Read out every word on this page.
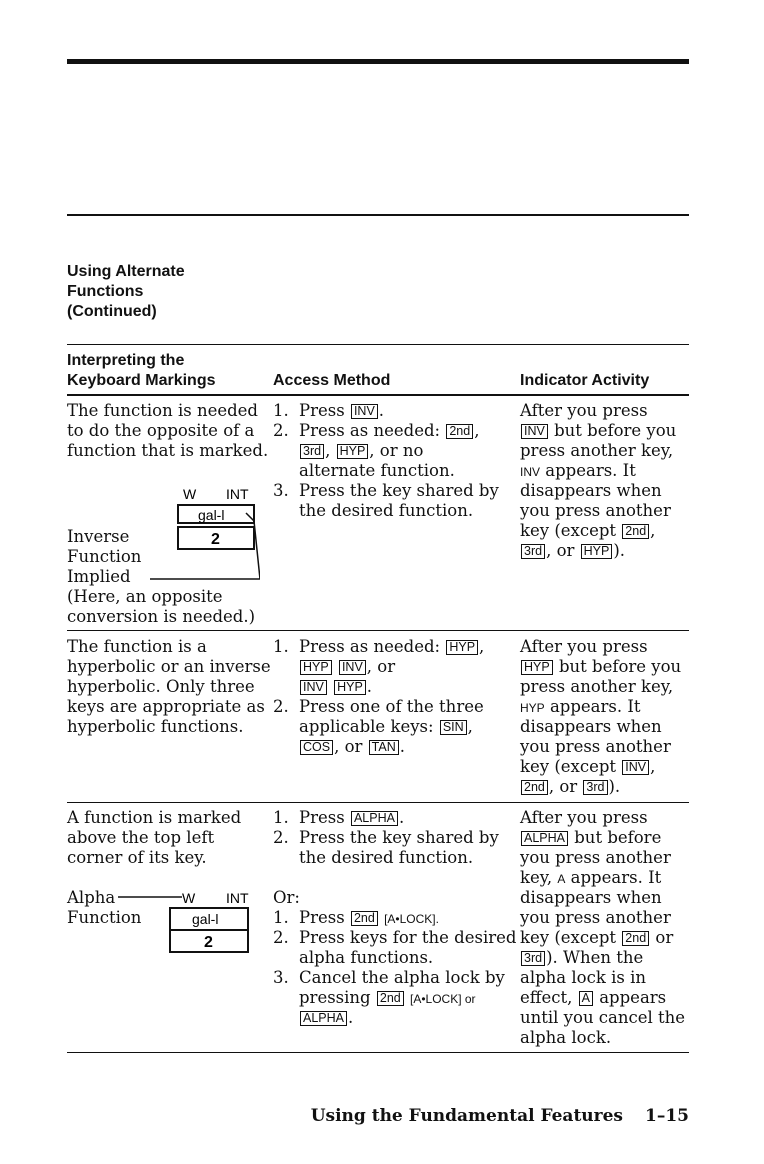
Using Alternate
Functions
(Continued)
Interpreting the
Keyboard Markings	Access Method	Indicator Activity
The function is needed
to do the opposite of a
function that is marked.
W INT
gal-l
2
Inverse
Function
Implied
(Here, an opposite
conversion is needed.)
1. Press INV .
2. Press as needed: 2nd ,
3rd , HYP , or no
alternate function.
3. Press the key shared by
the desired function.
After you press
INV but before you
press another key,
INV appears. It
disappears when
you press another
key (except 2nd ,
3rd , or HYP ).
The function is a
hyperbolic or an inverse
hyperbolic. Only three
keys are appropriate as
hyperbolic functions.
1. Press as needed: HYP ,
HYP INV , or
INV HYP .
2. Press one of the three
applicable keys: SIN ,
COS , or TAN .
After you press
HYP but before you
press another key,
HYP appears. It
disappears when
you press another
key (except INV ,
2nd , or 3rd ).
A function is marked
above the top left
corner of its key.
Alpha
Function
W INT
gal-l
2
1. Press ALPHA .
2. Press the key shared by
the desired function.
Or:
1. Press 2nd [A•LOCK].
2. Press keys for the desired
alpha functions.
3. Cancel the alpha lock by
pressing 2nd [A•LOCK] or
ALPHA .
After you press
ALPHA but before
you press another
key, A appears. It
disappears when
you press another
key (except 2nd or
3rd ). When the
alpha lock is in
effect, A appears
until you cancel the
alpha lock.
Using the Fundamental Features 1–15
